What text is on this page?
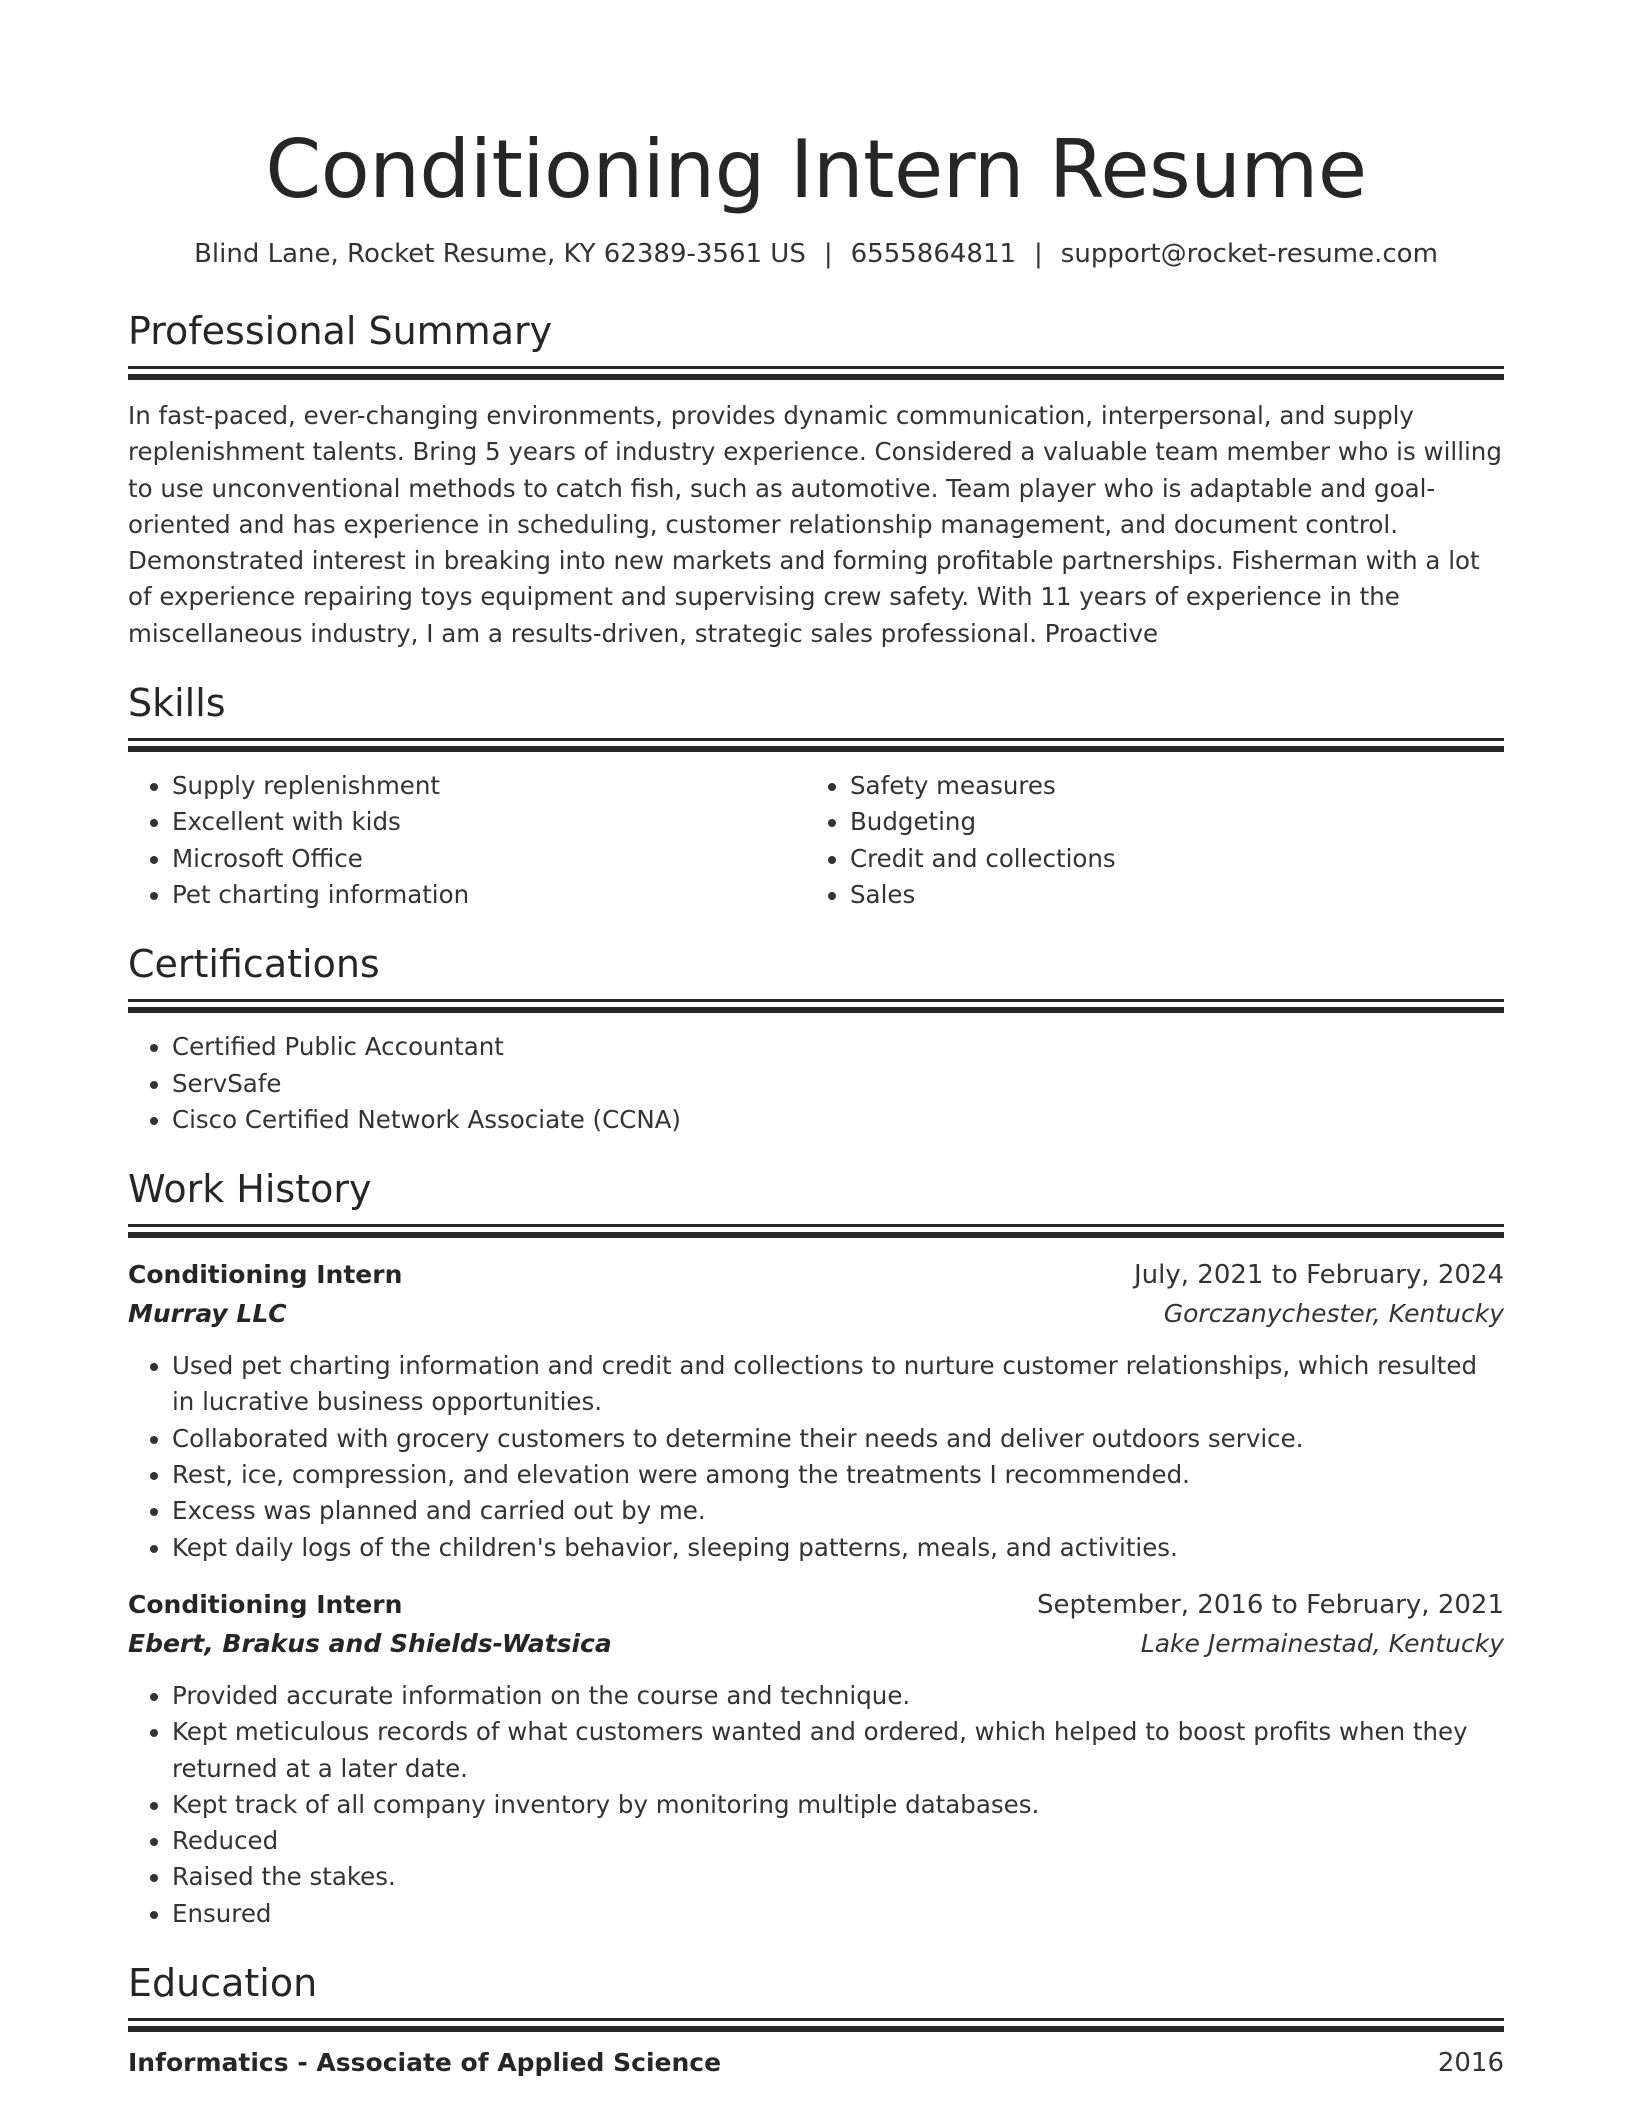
Conditioning Intern Resume
Blind Lane, Rocket Resume, KY 62389-3561 US | 6555864811 | support@rocket-resume.com
Professional Summary

In fast-paced, ever-changing environments, provides dynamic communication, interpersonal, and supply replenishment talents. Bring 5 years of industry experience. Considered a valuable team member who is willing to use unconventional methods to catch fish, such as automotive. Team player who is adaptable and goal-oriented and has experience in scheduling, customer relationship management, and document control. Demonstrated interest in breaking into new markets and forming profitable partnerships. Fisherman with a lot of experience repairing toys equipment and supervising crew safety. With 11 years of experience in the miscellaneous industry, I am a results-driven, strategic sales professional. Proactive

Skills
• Supply replenishment
• Excellent with kids
• Microsoft Office
• Pet charting information
• Safety measures
• Budgeting
• Credit and collections
• Sales
Certifications
• Certified Public Accountant
• ServSafe
• Cisco Certified Network Associate (CCNA)
Work History
Conditioning Intern	July, 2021 to February, 2024
Murray LLC	Gorczanychester, Kentucky
• Used pet charting information and credit and collections to nurture customer relationships, which resulted in lucrative business opportunities.
• Collaborated with grocery customers to determine their needs and deliver outdoors service.
• Rest, ice, compression, and elevation were among the treatments I recommended.
• Excess was planned and carried out by me.
• Kept daily logs of the children's behavior, sleeping patterns, meals, and activities.
Conditioning Intern	September, 2016 to February, 2021
Ebert, Brakus and Shields-Watsica	Lake Jermainestad, Kentucky
• Provided accurate information on the course and technique.
• Kept meticulous records of what customers wanted and ordered, which helped to boost profits when they returned at a later date.
• Kept track of all company inventory by monitoring multiple databases.
• Reduced
• Raised the stakes.
• Ensured
Education
Informatics - Associate of Applied Science	2016
